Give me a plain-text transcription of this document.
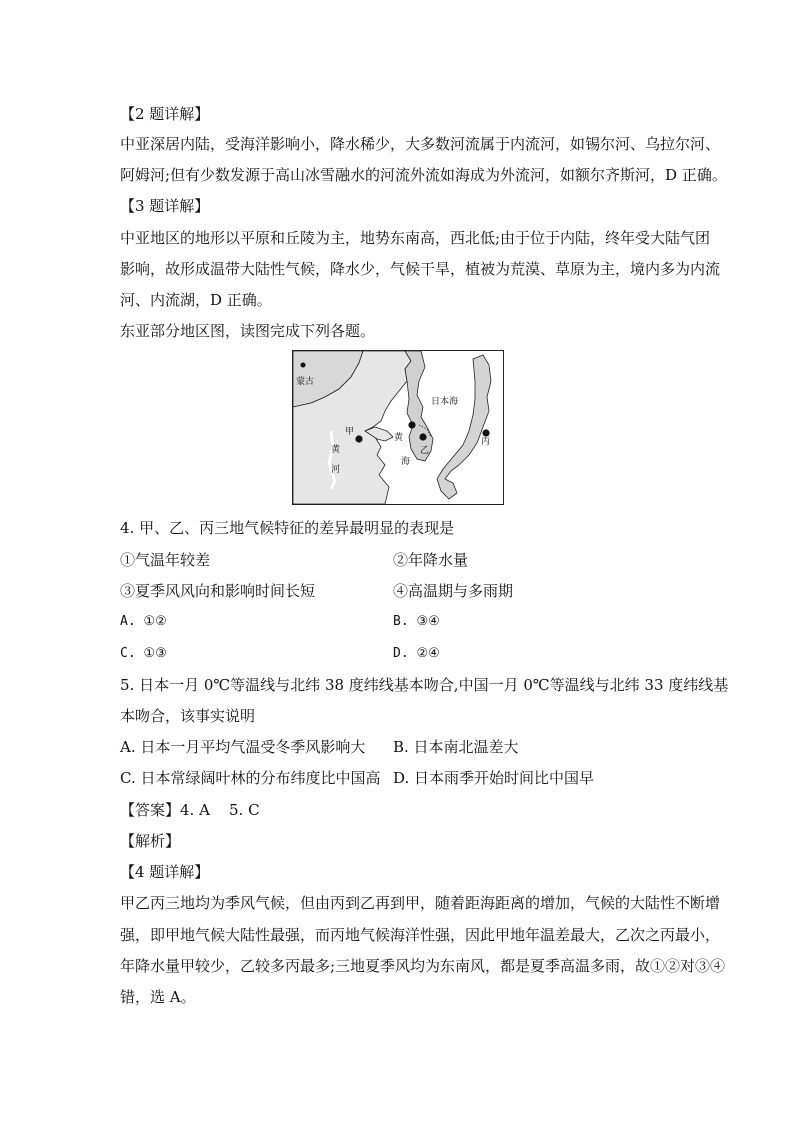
【2 题详解】
中亚深居内陆，受海洋影响小，降水稀少，大多数河流属于内流河，如锡尔河、乌拉尔河、
阿姆河;但有少数发源于高山冰雪融水的河流外流如海成为外流河，如额尔齐斯河，D 正确。
【3 题详解】
中亚地区的地形以平原和丘陵为主，地势东南高，西北低;由于位于内陆，终年受大陆气团
影响，故形成温带大陆性气候，降水少，气候干旱，植被为荒漠、草原为主，境内多为内流
河、内流湖，D 正确。
东亚部分地区图，读图完成下列各题。
蒙古
日本海
甲
黄
河
黄
海
乙
丙
4. 甲、乙、丙三地气候特征的差异最明显的表现是
①气温年较差	②年降水量
③夏季风风向和影响时间长短	④高温期与多雨期
A. ①②	B. ③④
C. ①③	D. ②④
5. 日本一月 0℃等温线与北纬 38 度纬线基本吻合,中国一月 0℃等温线与北纬 33 度纬线基
本吻合，该事实说明
A. 日本一月平均气温受冬季风影响大 B. 日本南北温差大
C. 日本常绿阔叶林的分布纬度比中国高 D. 日本雨季开始时间比中国早
【答案】4. A    5. C
【解析】
【4 题详解】
甲乙丙三地均为季风气候，但由丙到乙再到甲，随着距海距离的增加，气候的大陆性不断增
强，即甲地气候大陆性最强，而丙地气候海洋性强，因此甲地年温差最大，乙次之丙最小，
年降水量甲较少，乙较多丙最多;三地夏季风均为东南风，都是夏季高温多雨，故①②对③④
错，选 A。
